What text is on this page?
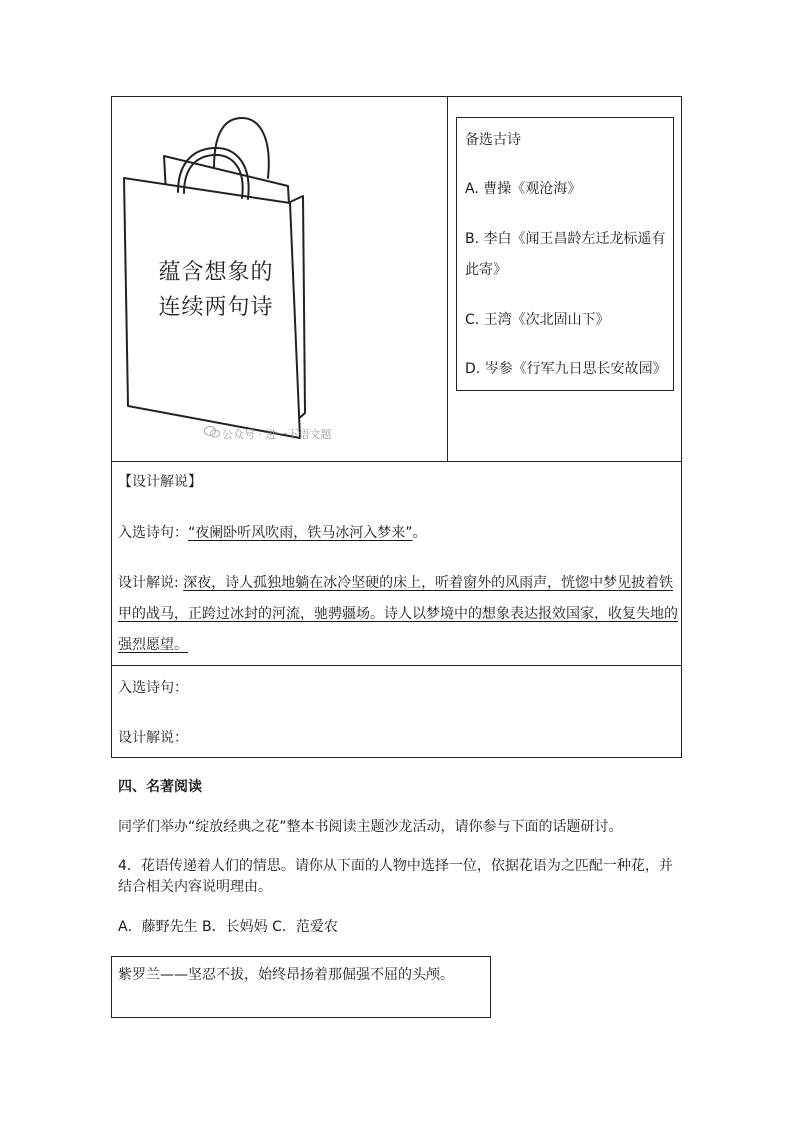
蕴含想象的
连续两句诗
公众号 · 进一下语文题
备选古诗
A. 曹操《观沧海》
B. 李白《闻王昌龄左迁龙标遥有
此寄》
C. 王湾《次北固山下》
D. 岑参《行军九日思长安故园》
【设计解说】
入选诗句：“夜阑卧听风吹雨，铁马冰河入梦来”。
设计解说: 深夜，诗人孤独地躺在冰冷坚硬的床上，听着窗外的风雨声，恍惚中梦见披着铁
甲的战马，正跨过冰封的河流，驰骋疆场。诗人以梦境中的想象表达报效国家，收复失地的
强烈愿望。
入选诗句：
设计解说：
四、名著阅读
同学们举办“绽放经典之花”整本书阅读主题沙龙活动，请你参与下面的话题研讨。
4．花语传递着人们的情思。请你从下面的人物中选择一位，依据花语为之匹配一种花，并
结合相关内容说明理由。
A．藤野先生 B．长妈妈 C．范爱农
紫罗兰——坚忍不拔，始终昂扬着那倔强不屈的头颅。
